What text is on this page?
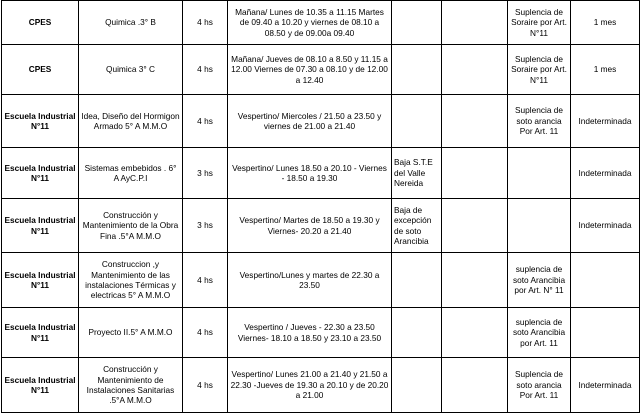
CPES	Quimica .3° B	4 hs	Mañana/ Lunes de 10.35 a 11.15 Martes de 09.40 a 10.20 y viernes de 08.10 a 08.50 y de 09.00a 09.40			Suplencia de Soraire por Art. N°11	1 mes
CPES	Quimica 3° C	4 hs	Mañana/ Jueves de 08.10 a 8.50 y 11.15 a 12.00 Viernes de 07.30 a 08.10 y de 12.00 a 12.40			Suplencia de Soraire por Art. N°11	1 mes
Escuela Industrial N°11	Idea, Diseño del Hormigon Armado 5° A M.M.O	4 hs	Vespertino/ Miercoles / 21.50 a 23.50 y viernes de 21.00 a 21.40			Suplencia de soto arancia Por Art. 11	Indeterminada
Escuela Industrial N°11	Sistemas embebidos . 6° A AyC.P.I	3 hs	Vespertino/ Lunes 18.50 a 20.10 - Viernes - 18.50 a 19.30	Baja S.T.E del Valle Nereida			Indeterminada
Escuela Industrial N°11	Construcción y Mantenimiento de la Obra Fina .5°A M.M.O	3 hs	Vespertino/ Martes de 18.50 a 19.30 y Viernes- 20.20 a 21.40	Baja de excepción de soto Arancibia			Indeterminada
Escuela Industrial N°11	Construccion ,y Mantenimiento de las instalaciones Térmicas y electricas 5° A M.M.O	4 hs	Vespertino/Lunes y martes de 22.30 a 23.50			suplencia de soto Arancibia por Art. N° 11	
Escuela Industrial N°11	Proyecto II.5° A M.M.O	4 hs	Vespertino / Jueves - 22.30 a 23.50 Viernes- 18.10 a 18.50 y 23.10 a 23.50			suplencia de soto Arancibia por Art. 11	
Escuela Industrial N°11	Construcción y Mantenimiento de Instalaciones Sanitarias .5°A M.M.O	4 hs	Vespertino/ Lunes 21.00 a 21.40 y 21.50 a 22.30 -Jueves de 19.30 a 20.10 y de 20.20 a 21.00			Suplencia de soto arancia Por Art. 11	Indeterminada
